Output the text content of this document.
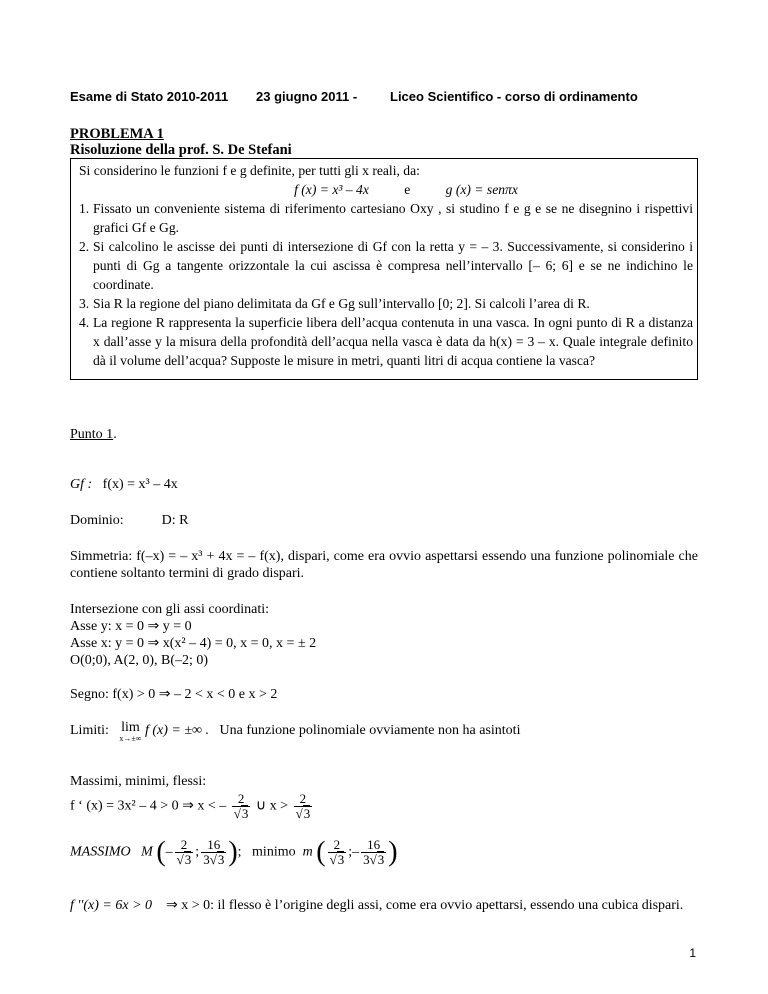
Esame di Stato 2010-2011

23 giugno 2011 -

	Liceo Scientifico - corso di ordinamento

PROBLEMA 1
Risoluzione della prof. S. De Stefani

Si considerino le funzioni f e g definite, per tutti gli x reali, da:

f (x) = x³ – 4x	e	g (x) = senπx

1. Fissato un conveniente sistema di riferimento cartesiano Oxy , si studino f e g e se ne disegnino i rispettivi grafici Gf e Gg.
2. Si calcolino le ascisse dei punti di intersezione di Gf con la retta y = – 3. Successivamente, si considerino i punti di Gg a tangente orizzontale la cui ascissa è compresa nell’intervallo [– 6; 6] e se ne indichino le coordinate.
3. Sia R la regione del piano delimitata da Gf e Gg sull’intervallo [0; 2]. Si calcoli l’area di R.
4. La regione R rappresenta la superficie libera dell’acqua contenuta in una vasca. In ogni punto di R a distanza x dall’asse y la misura della profondità dell’acqua nella vasca è data da h(x) = 3 – x. Quale integrale definito dà il volume dell’acqua? Supposte le misure in metri, quanti litri di acqua contiene la vasca?

Punto 1.

Gf : f(x) = x³ – 4x

Dominio:	D: R

Simmetria: f(–x) = – x³ + 4x = – f(x), dispari, come era ovvio aspettarsi essendo una funzione polinomiale che contiene soltanto termini di grado dispari.

Intersezione con gli assi coordinati:

Asse y: x = 0 ⇒ y = 0

Asse x: y = 0 ⇒ x(x² – 4) = 0, x = 0, x = ± 2

O(0;0), A(2, 0), B(–2; 0)

Segno: f(x) > 0 ⇒ – 2 < x < 0 e x > 2

Limiti: lim
x→±∞
f (x) = ±∞ . Una funzione polinomiale ovviamente non ha asintoti

Massimi, minimi, flessi:

f ‘ (x) = 3x² – 4 > 0 ⇒ x < – $\frac{2}{√3}$ ∪ $x > \frac{2}{√3}$

MASSIMO M (– $\frac{2}{√3}$ ; $\frac{16}{3√3}$ );   minimo m ( $\frac{2}{√3}$ ;– $\frac{16}{3√3}$ )

f ''(x) = 6x > 0 ⇒ x > 0: il flesso è l’origine degli assi, come era ovvio apettarsi, essendo una cubica dispari.

1
